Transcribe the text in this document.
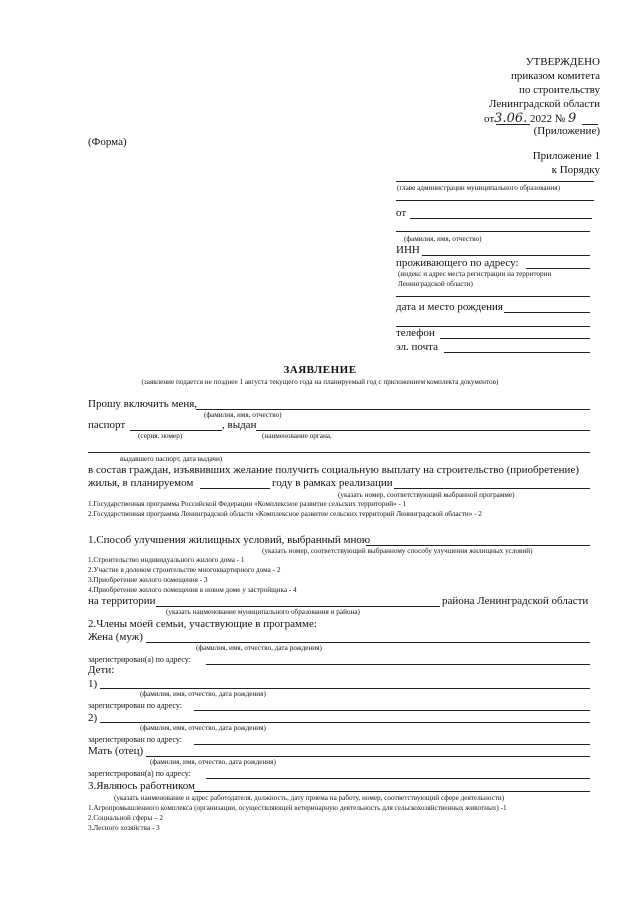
УТВЕРЖДЕНО
приказом комитета
по строительству
Ленинградской области
от3.06. 2022 № 9
(Приложение)
(Форма)
Приложение 1
к Порядку
(главе администрации муниципального образования)
от
(фамилия, имя, отчество)
ИНН
проживающего по адресу:
(индекс и адрес места регистрации на территории
Ленинградской области)
дата и место рождения
телефон
эл. почта
ЗАЯВЛЕНИЕ
(заявление подается не позднее 1 августа текущего года на планируемый год с приложением комплекта документов)
Прошу включить меня,
(фамилия, имя, отчество)
паспорт	, выдан
(серия, номер)	(наименование органа,
выдавшего паспорт, дата выдачи)
в состав граждан, изъявивших желание получить социальную выплату на строительство (приобретение)
жилья, в планируемом	году в рамках реализации
(указать номер, соответствующий выбранной программе)
1.Государственная программа Российской Федерации «Комплексное развитие сельских территорий» - 1
2.Государственная программа Ленинградской области «Комплексное развитие сельских территорий Ленинградской области» - 2
1.Способ улучшения жилищных условий, выбранный мною
(указать номер, соответствующий выбранному способу улучшения жилищных условий)
1.Строительство индивидуального жилого дома - 1
2.Участие в долевом строительстве многоквартирного дома - 2
3.Приобретение жилого помещения - 3
4.Приобретение жилого помещения в новом доме у застройщика - 4
на территории	района Ленинградской области
(указать наименование муниципального образования и района)
2.Члены моей семьи, участвующие в программе:
Жена (муж)
(фамилия, имя, отчество, дата рождения)
зарегистрирован(а) по адресу:
Дети:
1)
(фамилия, имя, отчество, дата рождения)
зарегистрирован по адресу:
2)
(фамилия, имя, отчество, дата рождения)
зарегистрирован по адресу:
Мать (отец)
(фамилия, имя, отчество, дата рождения)
зарегистрирован(а) по адресу:
3.Являюсь работником
(указать наименование и адрес работодателя, должность, дату приема на работу, номер, соответствующий сфере деятельности)
1.Агропромышленного комплекса (организации, осуществляющей ветеринарную деятельность для сельскохозяйственных животных) -1
2.Социальной сферы – 2
3.Лесного хозяйства - 3
